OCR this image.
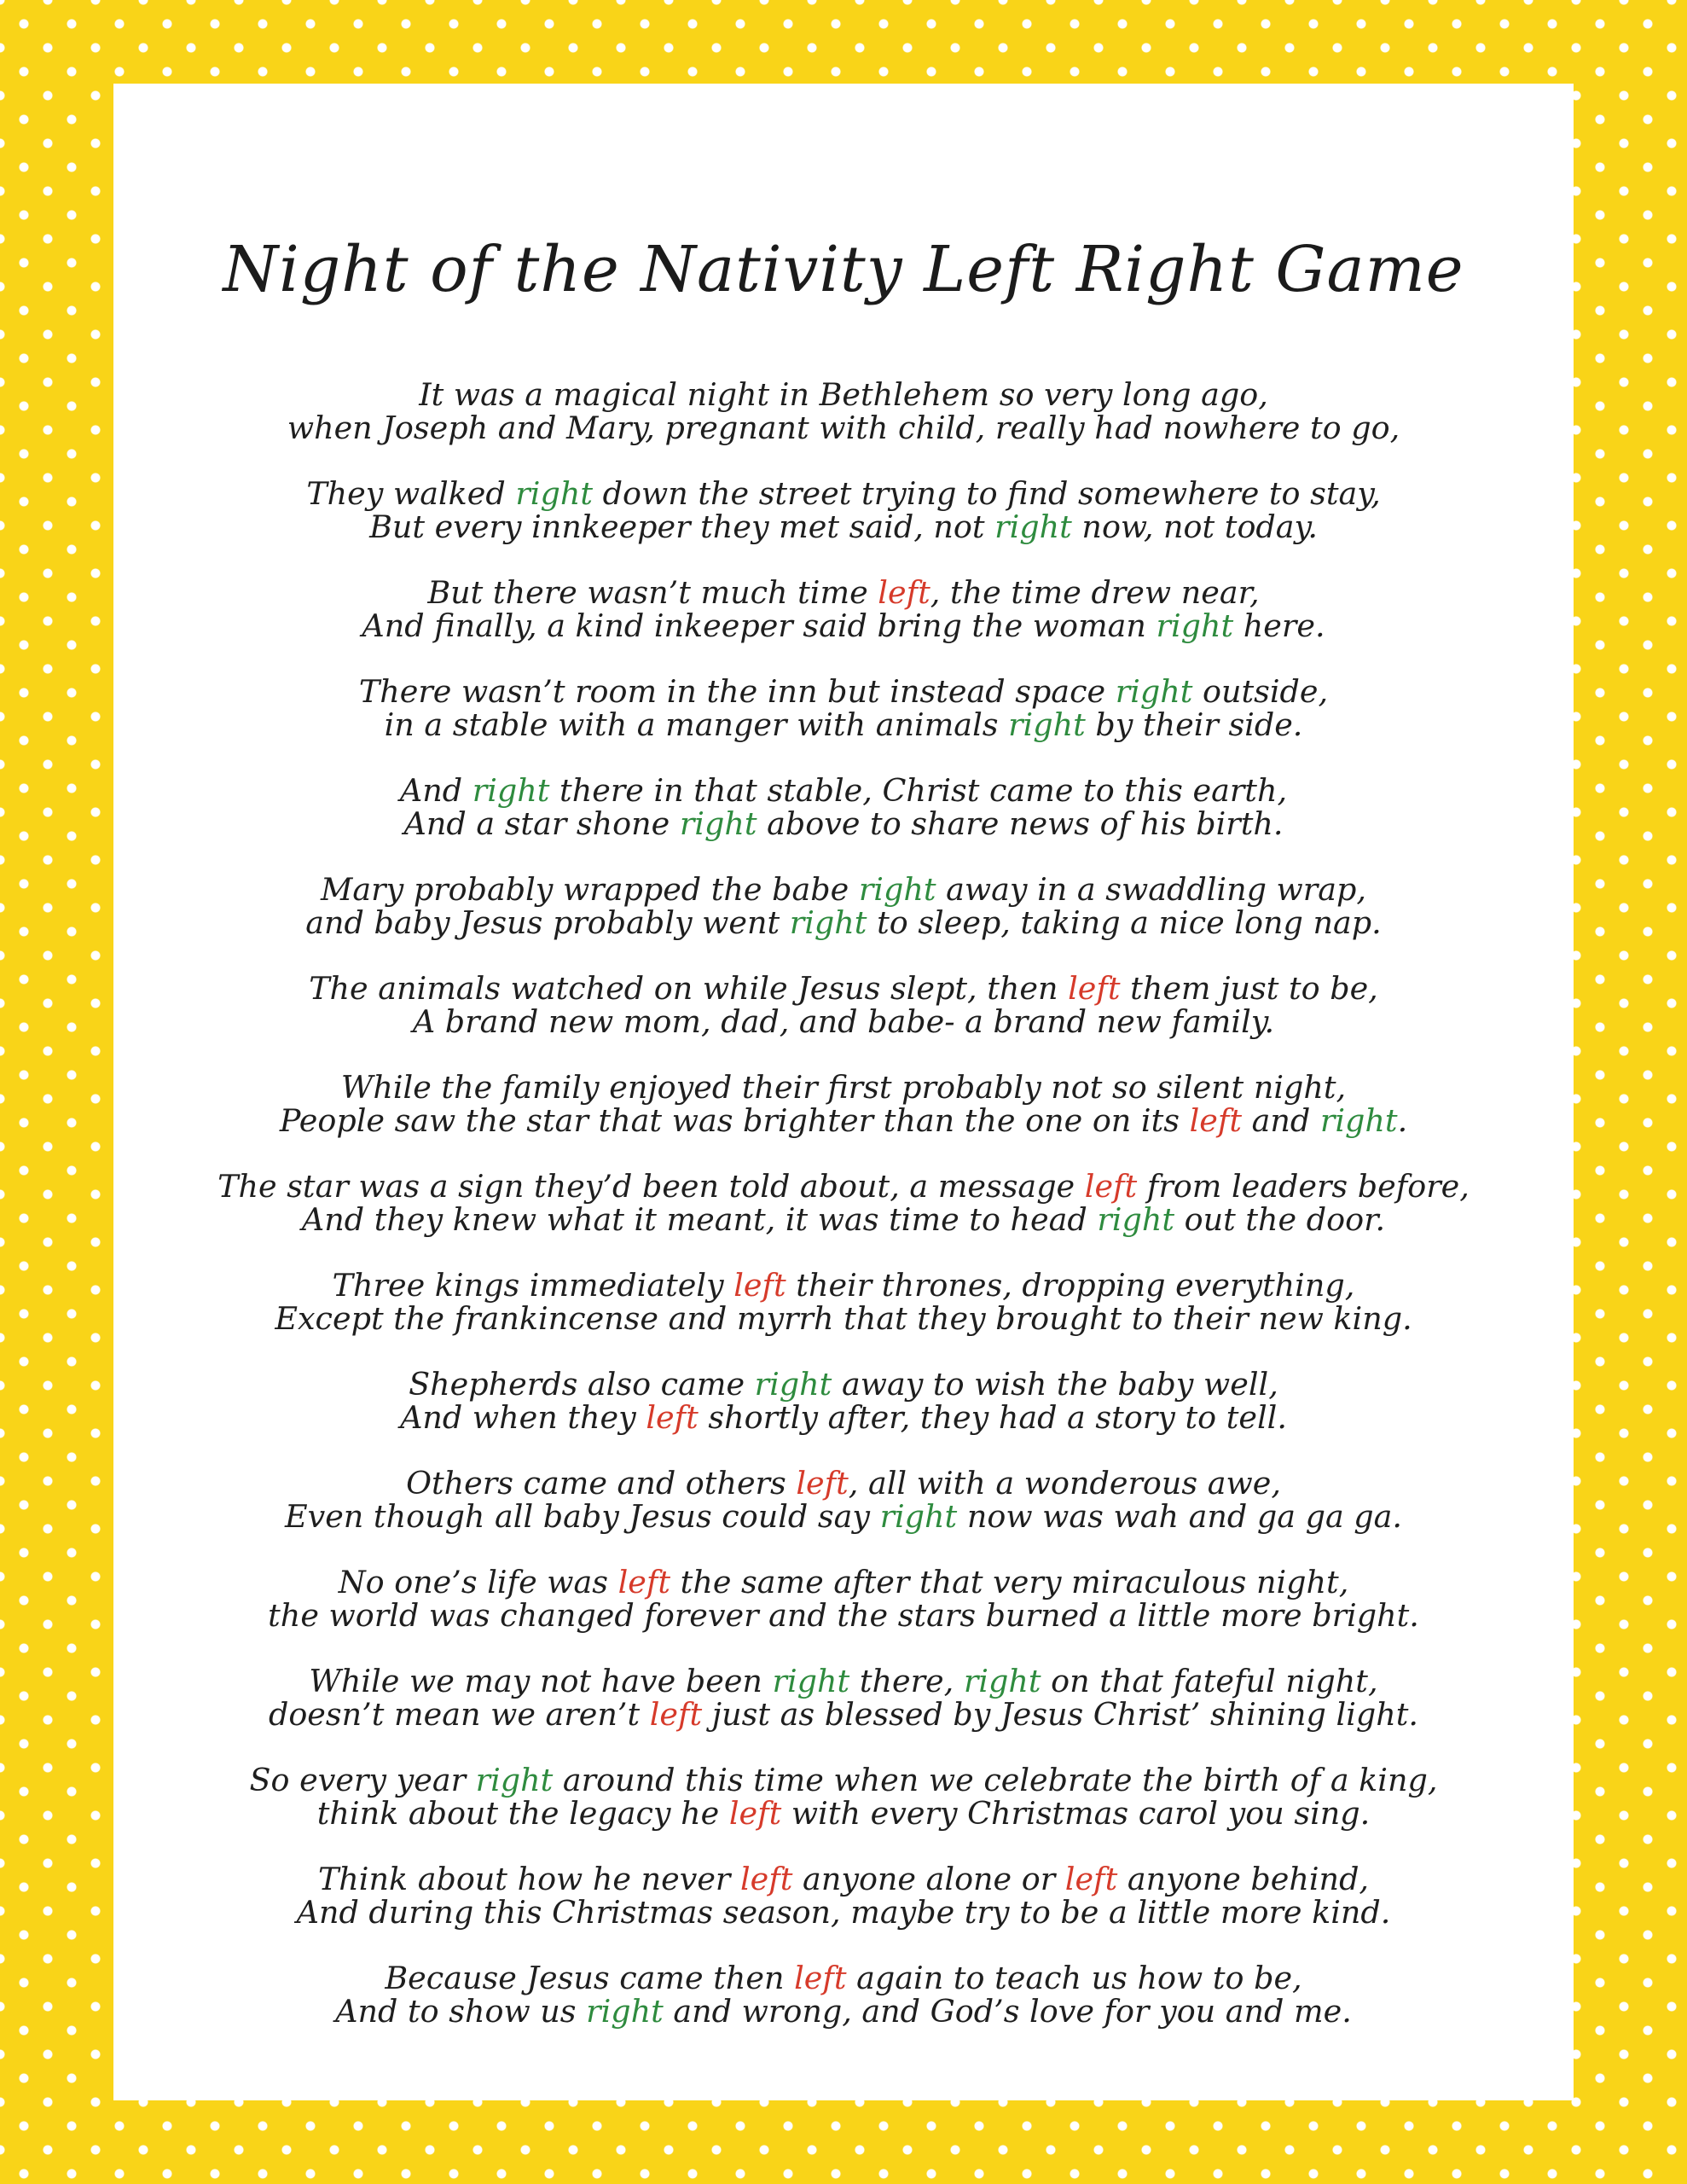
Night of the Nativity Left Right Game
It was a magical night in Bethlehem so very long ago,
when Joseph and Mary, pregnant with child, really had nowhere to go,
They walked right down the street trying to find somewhere to stay,
But every innkeeper they met said, not right now, not today.
But there wasn’t much time left, the time drew near,
And finally, a kind inkeeper said bring the woman right here.
There wasn’t room in the inn but instead space right outside,
in a stable with a manger with animals right by their side.
And right there in that stable, Christ came to this earth,
And a star shone right above to share news of his birth.
Mary probably wrapped the babe right away in a swaddling wrap,
and baby Jesus probably went right to sleep, taking a nice long nap.
The animals watched on while Jesus slept, then left them just to be,
A brand new mom, dad, and babe- a brand new family.
While the family enjoyed their first probably not so silent night,
People saw the star that was brighter than the one on its left and right.
The star was a sign they’d been told about, a message left from leaders before,
And they knew what it meant, it was time to head right out the door.
Three kings immediately left their thrones, dropping everything,
Except the frankincense and myrrh that they brought to their new king.
Shepherds also came right away to wish the baby well,
And when they left shortly after, they had a story to tell.
Others came and others left, all with a wonderous awe,
Even though all baby Jesus could say right now was wah and ga ga ga.
No one’s life was left the same after that very miraculous night,
the world was changed forever and the stars burned a little more bright.
While we may not have been right there, right on that fateful night,
doesn’t mean we aren’t left just as blessed by Jesus Christ’ shining light.
So every year right around this time when we celebrate the birth of a king,
think about the legacy he left with every Christmas carol you sing.
Think about how he never left anyone alone or left anyone behind,
And during this Christmas season, maybe try to be a little more kind.
Because Jesus came then left again to teach us how to be,
And to show us right and wrong, and God’s love for you and me.
